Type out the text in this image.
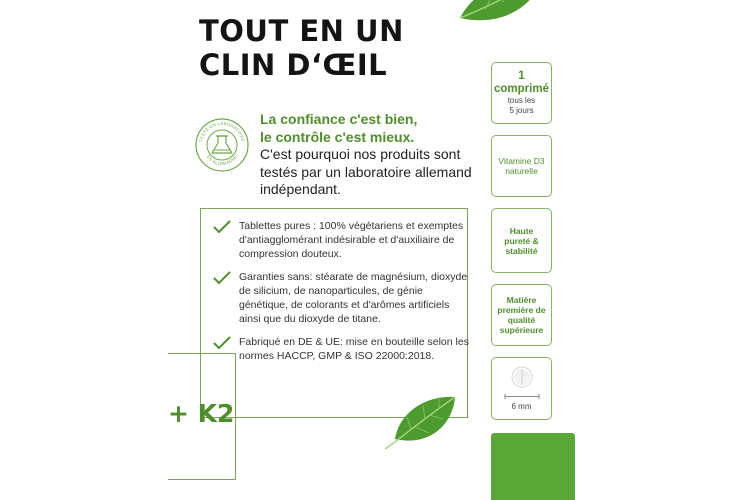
TOUT EN UN
CLIN D‘ŒIL
TESTÉ EN LABORATOIRE
EN ALLEMAGNE
La confiance c'est bien,
le contrôle c'est mieux.
C'est pourquoi nos produits sont
testés par un laboratoire allemand
indépendant.
Tablettes pures : 100% végétariens et exemptes d'antiagglomérant indésirable et d'auxiliaire de compression douteux.
Garanties sans: stéarate de magnésium, dioxyde de silicium, de nanoparticules, de génie génétique, de colorants et d'arômes artificiels ainsi que du dioxyde de titane.
Fabriqué en DE & UE: mise en bouteille selon les normes HACCP, GMP & ISO 22000:2018.
+ K2
1
comprimé
tous les
5 jours
Vitamine D3
naturelle
Haute
pureté &
stabilité
Matière
première de
qualité
supérieure
6 mm
